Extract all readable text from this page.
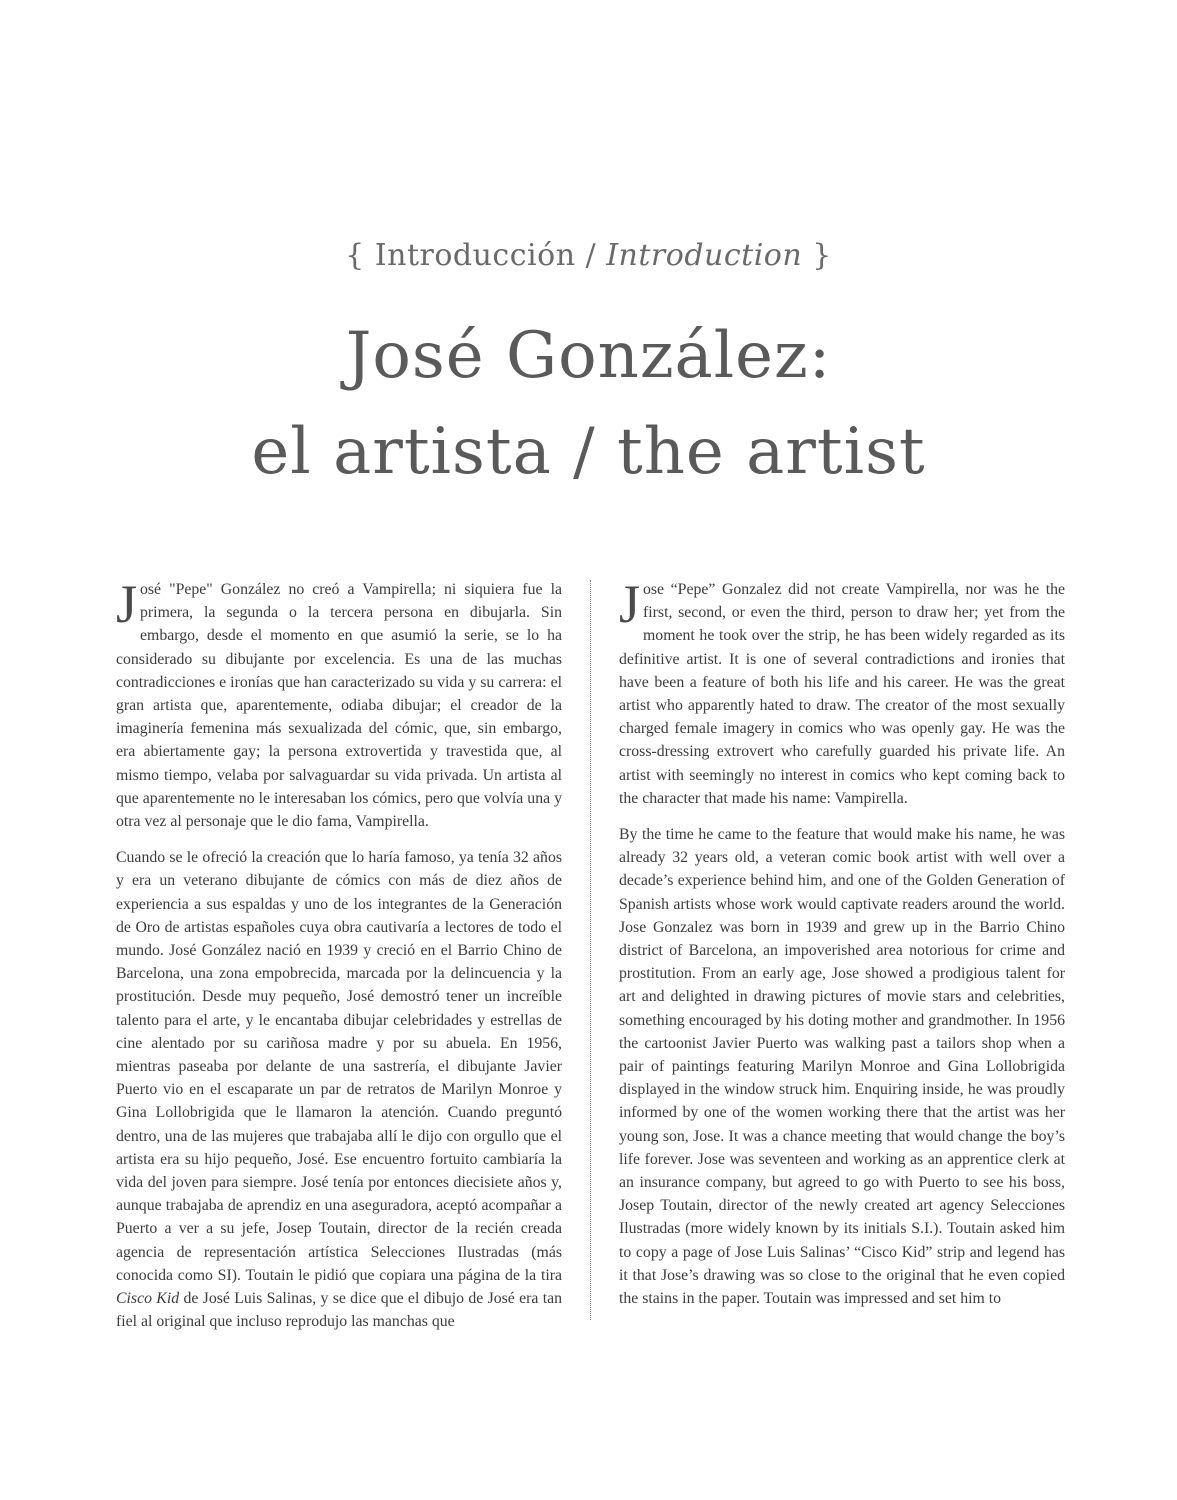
{ Introducción / Introduction }
José González:
el artista / the artist

José "Pepe" González no creó a Vampirella; ni siquiera fue la primera, la segunda o la tercera persona en dibujarla. Sin embargo, desde el momento en que asumió la serie, se lo ha considerado su dibujante por excelencia. Es una de las muchas contradicciones e ironías que han caracterizado su vida y su carrera: el gran artista que, aparentemente, odiaba dibujar; el creador de la imaginería femenina más sexualizada del cómic, que, sin embargo, era abiertamente gay; la persona extrovertida y travestida que, al mismo tiempo, velaba por salvaguardar su vida privada. Un artista al que aparentemente no le interesaban los cómics, pero que volvía una y otra vez al personaje que le dio fama, Vampirella.

Cuando se le ofreció la creación que lo haría famoso, ya tenía 32 años y era un veterano dibujante de cómics con más de diez años de experiencia a sus espaldas y uno de los integrantes de la Generación de Oro de artistas españoles cuya obra cautivaría a lectores de todo el mundo. José González nació en 1939 y creció en el Barrio Chino de Barcelona, una zona empobrecida, marcada por la delincuencia y la prostitución. Desde muy pequeño, José demostró tener un increíble talento para el arte, y le encantaba dibujar celebridades y estrellas de cine alentado por su cariñosa madre y por su abuela. En 1956, mientras paseaba por delante de una sastrería, el dibujante Javier Puerto vio en el escaparate un par de retratos de Marilyn Monroe y Gina Lollobrigida que le llamaron la atención. Cuando preguntó dentro, una de las mujeres que trabajaba allí le dijo con orgullo que el artista era su hijo pequeño, José. Ese encuentro fortuito cambiaría la vida del joven para siempre. José tenía por entonces diecisiete años y, aunque trabajaba de aprendiz en una aseguradora, aceptó acompañar a Puerto a ver a su jefe, Josep Toutain, director de la recién creada agencia de representación artística Selecciones Ilustradas (más conocida como SI). Toutain le pidió que copiara una página de la tira Cisco Kid de José Luis Salinas, y se dice que el dibujo de José era tan fiel al original que incluso reprodujo las manchas que

Jose “Pepe” Gonzalez did not create Vampirella, nor was he the first, second, or even the third, person to draw her; yet from the moment he took over the strip, he has been widely regarded as its definitive artist. It is one of several contradictions and ironies that have been a feature of both his life and his career. He was the great artist who apparently hated to draw. The creator of the most sexually charged female imagery in comics who was openly gay. He was the cross-dressing extrovert who carefully guarded his private life. An artist with seemingly no interest in comics who kept coming back to the character that made his name: Vampirella.

By the time he came to the feature that would make his name, he was already 32 years old, a veteran comic book artist with well over a decade’s experience behind him, and one of the Golden Generation of Spanish artists whose work would captivate readers around the world. Jose Gonzalez was born in 1939 and grew up in the Barrio Chino district of Barcelona, an impoverished area notorious for crime and prostitution. From an early age, Jose showed a prodigious talent for art and delighted in drawing pictures of movie stars and celebrities, something encouraged by his doting mother and grandmother. In 1956 the cartoonist Javier Puerto was walking past a tailors shop when a pair of paintings featuring Marilyn Monroe and Gina Lollobrigida displayed in the window struck him. Enquiring inside, he was proudly informed by one of the women working there that the artist was her young son, Jose. It was a chance meeting that would change the boy’s life forever. Jose was seventeen and working as an apprentice clerk at an insurance company, but agreed to go with Puerto to see his boss, Josep Toutain, director of the newly created art agency Selecciones Ilustradas (more widely known by its initials S.I.). Toutain asked him to copy a page of Jose Luis Salinas’ “Cisco Kid” strip and legend has it that Jose’s drawing was so close to the original that he even copied the stains in the paper. Toutain was impressed and set him to
